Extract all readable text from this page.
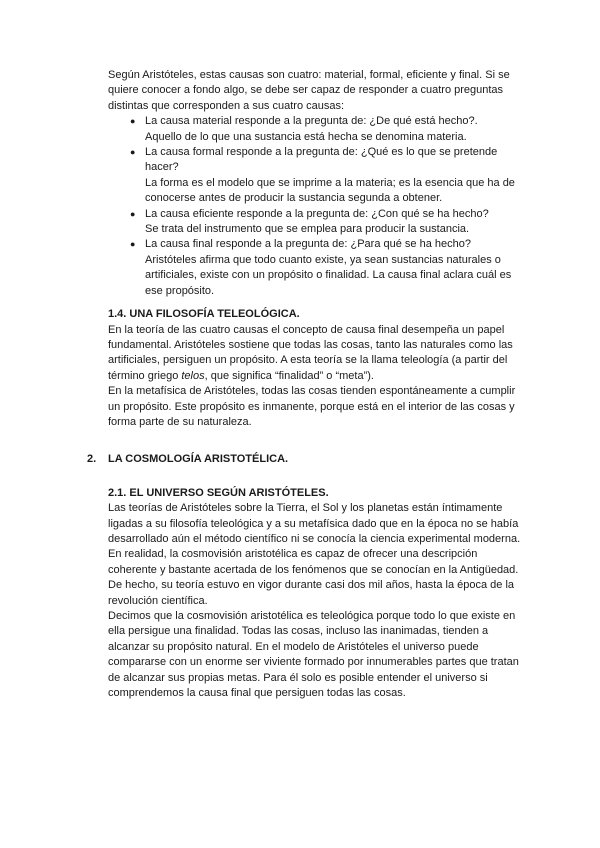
Según Aristóteles, estas causas son cuatro: material, formal, eficiente y final. Si se quiere conocer a fondo algo, se debe ser capaz de responder a cuatro preguntas distintas que corresponden a sus cuatro causas:

● La causa material responde a la pregunta de: ¿De qué está hecho?.
Aquello de lo que una sustancia está hecha se denomina materia.
● La causa formal responde a la pregunta de: ¿Qué es lo que se pretende hacer?
La forma es el modelo que se imprime a la materia; es la esencia que ha de conocerse antes de producir la sustancia segunda a obtener.
● La causa eficiente responde a la pregunta de: ¿Con qué se ha hecho?
Se trata del instrumento que se emplea para producir la sustancia.
● La causa final responde a la pregunta de: ¿Para qué se ha hecho?
Aristóteles afirma que todo cuanto existe, ya sean sustancias naturales o artificiales, existe con un propósito o finalidad. La causa final aclara cuál es ese propósito.
1.4. UNA FILOSOFÍA TELEOLÓGICA.

En la teoría de las cuatro causas el concepto de causa final desempeña un papel fundamental. Aristóteles sostiene que todas las cosas, tanto las naturales como las artificiales, persiguen un propósito. A esta teoría se la llama teleología (a partir del término griego telos, que significa “finalidad” o “meta”).

En la metafísica de Aristóteles, todas las cosas tienden espontáneamente a cumplir un propósito. Este propósito es inmanente, porque está en el interior de las cosas y forma parte de su naturaleza.

2. LA COSMOLOGÍA ARISTOTÉLICA.
2.1. EL UNIVERSO SEGÚN ARISTÓTELES.

Las teorías de Aristóteles sobre la Tierra, el Sol y los planetas están íntimamente ligadas a su filosofía teleológica y a su metafísica dado que en la época no se había desarrollado aún el método científico ni se conocía la ciencia experimental moderna.

En realidad, la cosmovisión aristotélica es capaz de ofrecer una descripción coherente y bastante acertada de los fenómenos que se conocían en la Antigüedad. De hecho, su teoría estuvo en vigor durante casi dos mil años, hasta la época de la revolución científica.

Decimos que la cosmovisión aristotélica es teleológica porque todo lo que existe en ella persigue una finalidad. Todas las cosas, incluso las inanimadas, tienden a alcanzar su propósito natural. En el modelo de Aristóteles el universo puede compararse con un enorme ser viviente formado por innumerables partes que tratan de alcanzar sus propias metas. Para él solo es posible entender el universo si comprendemos la causa final que persiguen todas las cosas.
